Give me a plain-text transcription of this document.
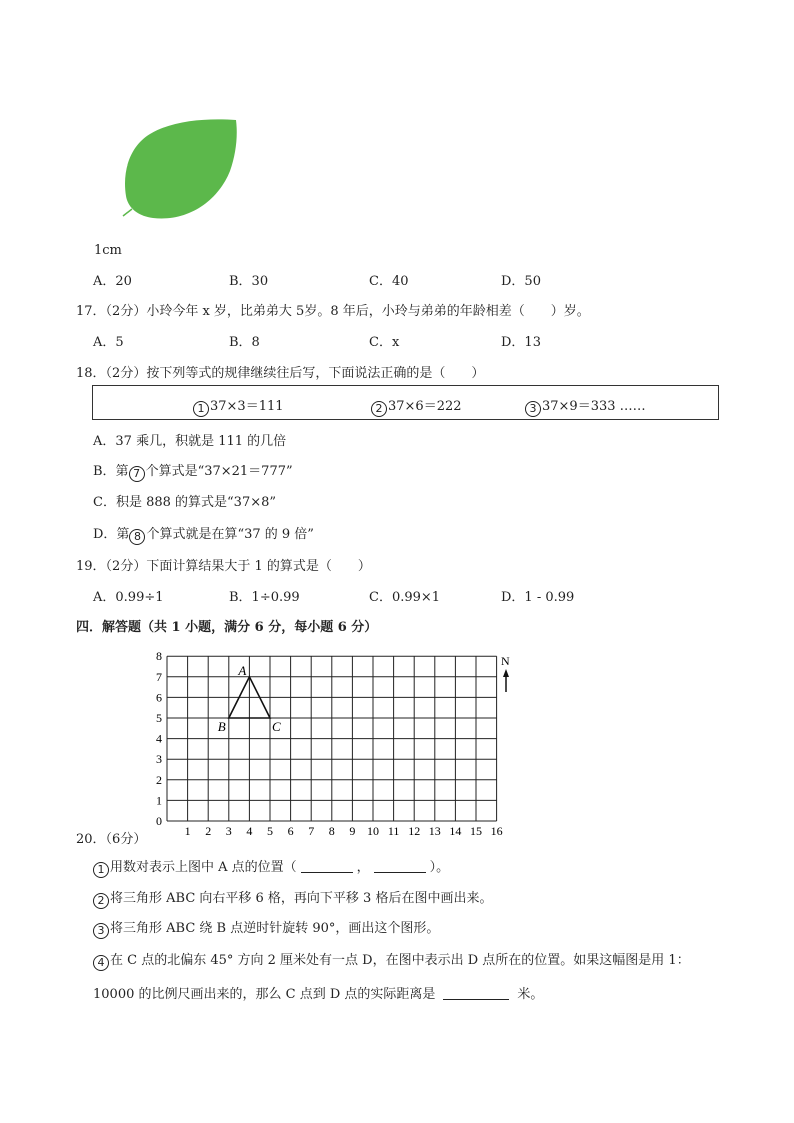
1cm
A．20	B．30	C．40	D．50
17．（2分）小玲今年 x 岁，比弟弟大 5岁。8 年后，小玲与弟弟的年龄相差（　　）岁。
A．5	B．8	C．x	D．13
18．（2分）按下列等式的规律继续往后写，下面说法正确的是（　　）
1 37×3＝111	2 37×6＝222	3 37×9＝333 ……
A．37 乘几，积就是 111 的几倍
B．第 7 个算式是“37×21＝777”
C．积是 888 的算式是“37×8”
D．第 8 个算式就是在算“37 的 9 倍”
19．（2分）下面计算结果大于 1 的算式是（　　）
A．0.99÷1	B．1÷0.99	C．0.99×1	D．1 - 0.99
四．解答题（共 1 小题，满分 6 分，每小题 6 分）
1 2 3 4 5 6 7 8 9 10 11 12 13 14 15 16
0
1
2
3
4
5
6
7
8
A
B	C
N
20．（6分）
1 用数对表示上图中 A 点的位置（	，	）。
2 将三角形 ABC 向右平移 6 格，再向下平移 3 格后在图中画出来。
3 将三角形 ABC 绕 B 点逆时针旋转 90°，画出这个图形。
4 在 C 点的北偏东 45° 方向 2 厘米处有一点 D，在图中表示出 D 点所在的位置。如果这幅图是用 1：
10000 的比例尺画出来的，那么 C 点到 D 点的实际距离是	米。
